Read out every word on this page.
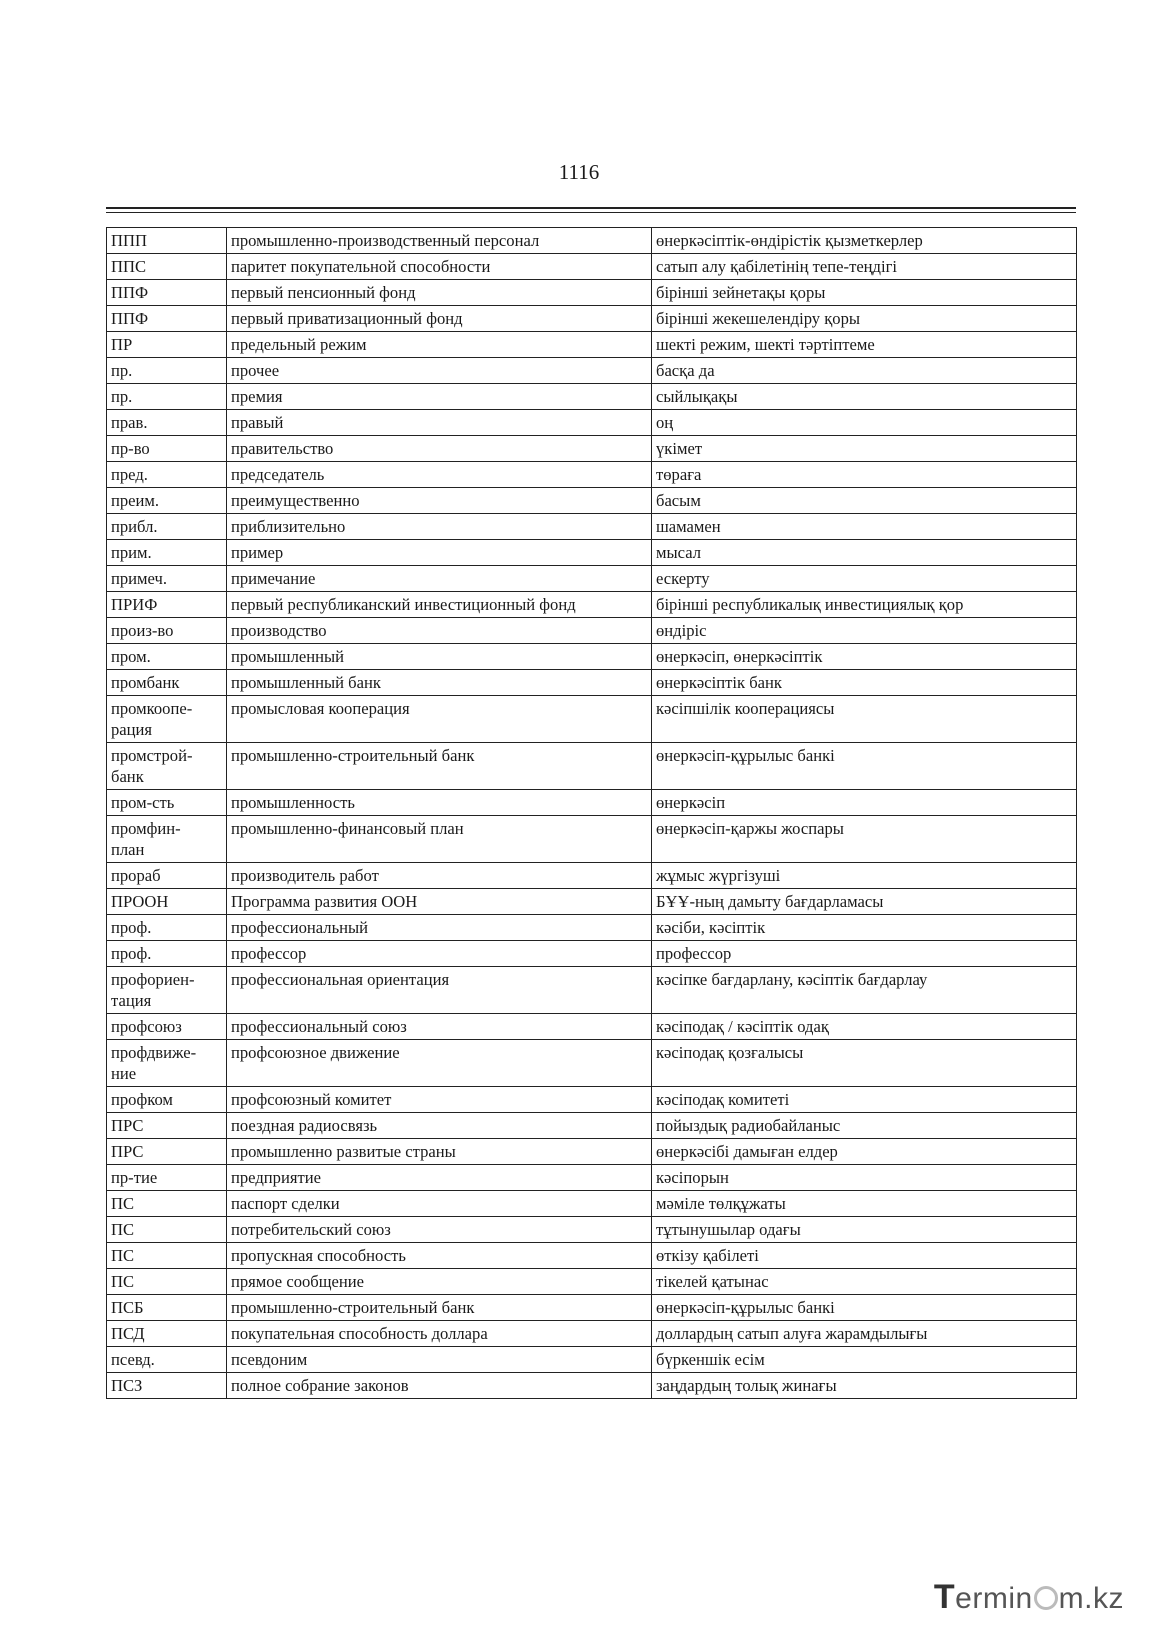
1116
ППП	промышленно-производственный персонал	өнеркәсіптік-өндірістік қызметкерлер
ППС	паритет покупательной способности	сатып алу қабілетінің тепе-теңдігі
ППФ	первый пенсионный фонд	бірінші зейнетақы қоры
ППФ	первый приватизационный фонд	бірінші жекешелендіру қоры
ПР	предельный режим	шекті режим, шекті тәртіптеме
пр.	прочее	басқа да
пр.	премия	сыйлықақы
прав.	правый	оң
пр-во	правительство	үкімет
пред.	председатель	төраға
преим.	преимущественно	басым
прибл.	приблизительно	шамамен
прим.	пример	мысал
примеч.	примечание	ескерту
ПРИФ	первый республиканский инвестиционный фонд	бірінші республикалық инвестициялық қор
произ-во	производство	өндіріс
пром.	промышленный	өнеркәсіп, өнеркәсіптік
промбанк	промышленный банк	өнеркәсіптік банк
промкоопе-
рация	промысловая кооперация	кәсіпшілік кооперациясы
промстрой-
банк	промышленно-строительный банк	өнеркәсіп-құрылыс банкі
пром-сть	промышленность	өнеркәсіп
промфин-
план	промышленно-финансовый план	өнеркәсіп-қаржы жоспары
прораб	производитель работ	жұмыс жүргізуші
ПРООН	Программа развития ООН	БҰҰ-ның дамыту бағдарламасы
проф.	профессиональный	кәсіби, кәсіптік
проф.	профессор	профессор
профориен-
тация	профессиональная ориентация	кәсіпке бағдарлану, кәсіптік бағдарлау
профсоюз	профессиональный союз	кәсіподақ / кәсіптік одақ
профдвиже-
ние	профсоюзное движение	кәсіподақ қозғалысы
профком	профсоюзный комитет	кәсіподақ комитеті
ПРС	поездная радиосвязь	пойыздық радиобайланыс
ПРС	промышленно развитые страны	өнеркәсібі дамыған елдер
пр-тие	предприятие	кәсіпорын
ПС	паспорт сделки	мәміле төлқұжаты
ПС	потребительский союз	тұтынушылар одағы
ПС	пропускная способность	өткізу қабілеті
ПС	прямое сообщение	тікелей қатынас
ПСБ	промышленно-строительный банк	өнеркәсіп-құрылыс банкі
ПСД	покупательная способность доллара	доллардың сатып алуға жарамдылығы
псевд.	псевдоним	бүркеншік есім
ПСЗ	полное собрание законов	заңдардың толық жинағы
Termin m.kz
